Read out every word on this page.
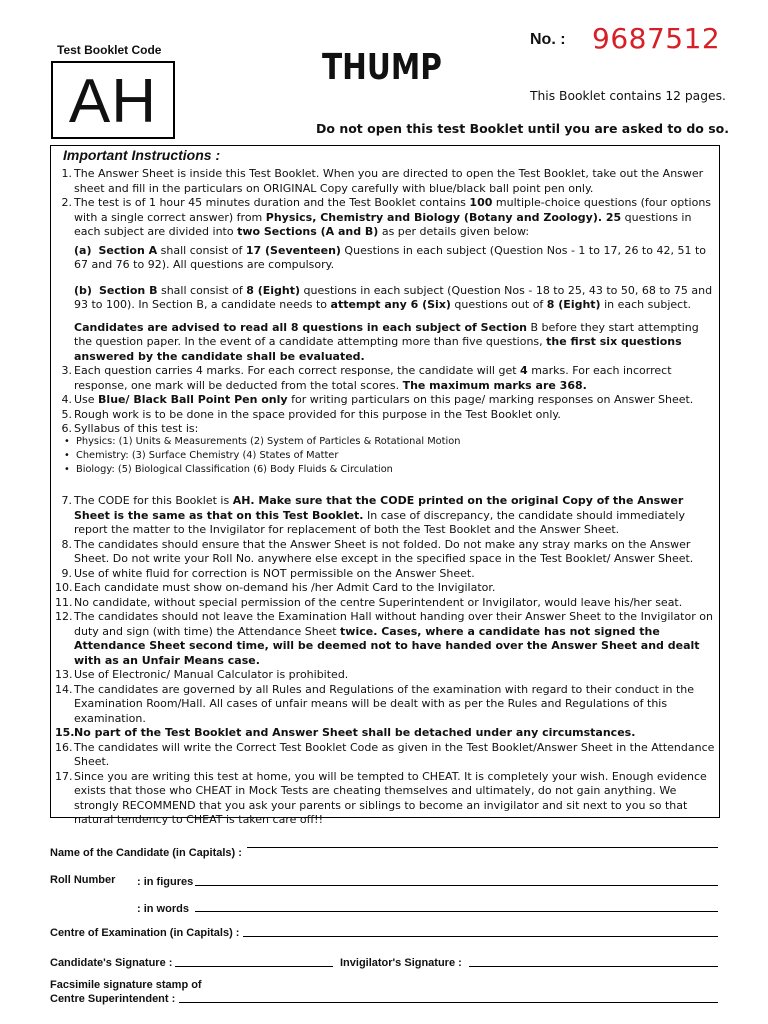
Test Booklet Code
AH	THUMP
No. : 9687512
This Booklet contains 12 pages.
Do not open this test Booklet until you are asked to do so.
Important Instructions :

1. The Answer Sheet is inside this Test Booklet. When you are directed to open the Test Booklet, take out the Answer sheet and fill in the particulars on ORIGINAL Copy carefully with blue/black ball point pen only.

2. The test is of 1 hour 45 minutes duration and the Test Booklet contains 100 multiple-choice questions (four options with a single correct answer) from Physics, Chemistry and Biology (Botany and Zoology). 25 questions in each subject are divided into two Sections (A and B) as per details given below:

(a) Section A shall consist of 17 (Seventeen) Questions in each subject (Question Nos - 1 to 17, 26 to 42, 51 to 67 and 76 to 92). All questions are compulsory.

(b) Section B shall consist of 8 (Eight) questions in each subject (Question Nos - 18 to 25, 43 to 50, 68 to 75 and 93 to 100). In Section B, a candidate needs to attempt any 6 (Six) questions out of 8 (Eight) in each subject.

Candidates are advised to read all 8 questions in each subject of Section B before they start attempting the question paper. In the event of a candidate attempting more than five questions, the first six questions answered by the candidate shall be evaluated.

3. Each question carries 4 marks. For each correct response, the candidate will get 4 marks. For each incorrect response, one mark will be deducted from the total scores. The maximum marks are 368.

4. Use Blue/ Black Ball Point Pen only for writing particulars on this page/ marking responses on Answer Sheet.

5. Rough work is to be done in the space provided for this purpose in the Test Booklet only.

6. Syllabus of this test is:

• Physics: (1) Units & Measurements (2) System of Particles & Rotational Motion
• Chemistry: (3) Surface Chemistry (4) States of Matter
• Biology: (5) Biological Classification (6) Body Fluids & Circulation

7. The CODE for this Booklet is AH. Make sure that the CODE printed on the original Copy of the Answer Sheet is the same as that on this Test Booklet. In case of discrepancy, the candidate should immediately report the matter to the Invigilator for replacement of both the Test Booklet and the Answer Sheet.

8. The candidates should ensure that the Answer Sheet is not folded. Do not make any stray marks on the Answer Sheet. Do not write your Roll No. anywhere else except in the specified space in the Test Booklet/ Answer Sheet.

9. Use of white fluid for correction is NOT permissible on the Answer Sheet.

10. Each candidate must show on-demand his /her Admit Card to the Invigilator.

11. No candidate, without special permission of the centre Superintendent or Invigilator, would leave his/her seat.

12. The candidates should not leave the Examination Hall without handing over their Answer Sheet to the Invigilator on duty and sign (with time) the Attendance Sheet twice. Cases, where a candidate has not signed the Attendance Sheet second time, will be deemed not to have handed over the Answer Sheet and dealt with as an Unfair Means case.

13. Use of Electronic/ Manual Calculator is prohibited.

14. The candidates are governed by all Rules and Regulations of the examination with regard to their conduct in the Examination Room/Hall. All cases of unfair means will be dealt with as per the Rules and Regulations of this examination.

15. No part of the Test Booklet and Answer Sheet shall be detached under any circumstances.

16. The candidates will write the Correct Test Booklet Code as given in the Test Booklet/Answer Sheet in the Attendance Sheet.

17. Since you are writing this test at home, you will be tempted to CHEAT. It is completely your wish. Enough evidence exists that those who CHEAT in Mock Tests are cheating themselves and ultimately, do not gain anything. We strongly RECOMMEND that you ask your parents or siblings to become an invigilator and sit next to you so that natural tendency to CHEAT is taken care off!!

Name of the Candidate (in Capitals) :
Roll Number : in figures
: in words
Centre of Examination (in Capitals) :
Candidate's Signature :	Invigilator's Signature :
Facsimile signature stamp of
Centre Superintendent :
